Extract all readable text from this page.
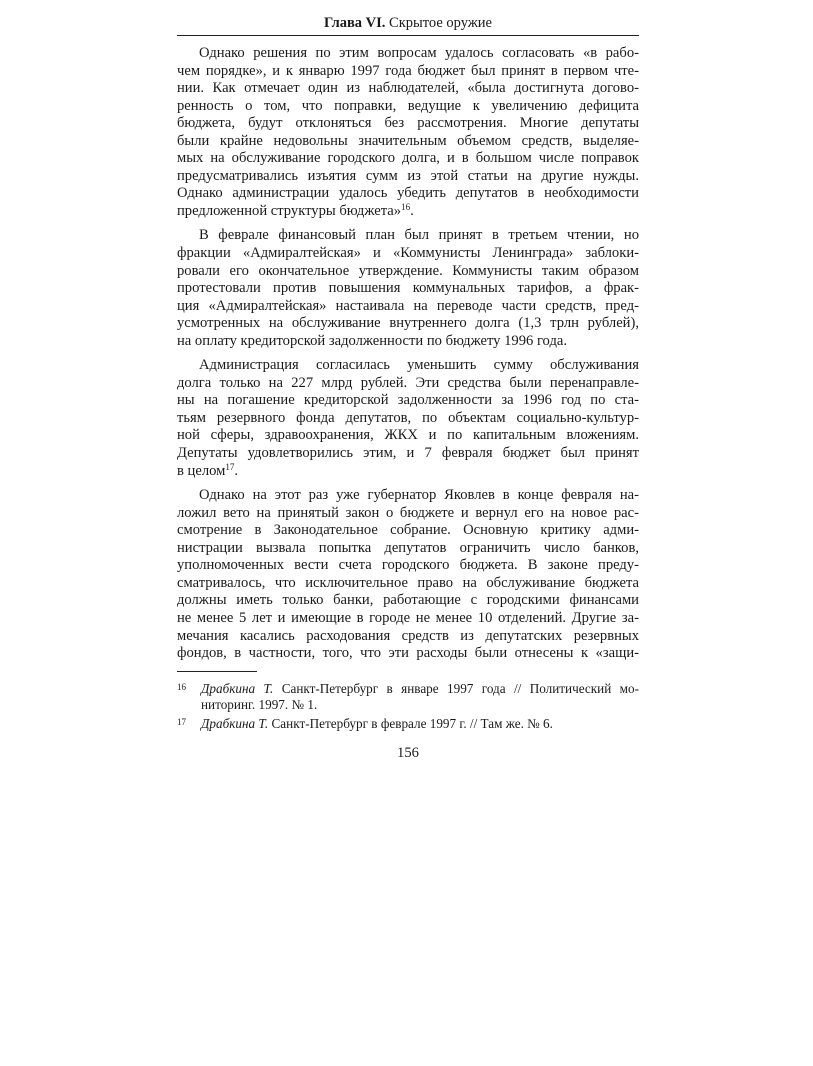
Глава VI. Скрытое оружие

Однако решения по этим вопросам удалось согласовать «в рабо-
чем порядке», и к январю 1997 года бюджет был принят в первом чте-
нии. Как отмечает один из наблюдателей, «была достигнута догово-
ренность о том, что поправки, ведущие к увеличению дефицита
бюджета, будут отклоняться без рассмотрения. Многие депутаты
были крайне недовольны значительным объемом средств, выделяе-
мых на обслуживание городского долга, и в большом числе поправок
предусматривались изъятия сумм из этой статьи на другие нужды.
Однако администрации удалось убедить депутатов в необходимости
предложенной структуры бюджета»$^{16}$.

В феврале финансовый план был принят в третьем чтении, но
фракции «Адмиралтейская» и «Коммунисты Ленинграда» заблоки-
ровали его окончательное утверждение. Коммунисты таким образом
протестовали против повышения коммунальных тарифов, а фрак-
ция «Адмиралтейская» настаивала на переводе части средств, пред-
усмотренных на обслуживание внутреннего долга (1,3 трлн рублей),
на оплату кредиторской задолженности по бюджету 1996 года.

Администрация согласилась уменьшить сумму обслуживания
долга только на 227 млрд рублей. Эти средства были перенаправле-
ны на погашение кредиторской задолженности за 1996 год по ста-
тьям резервного фонда депутатов, по объектам социально-культур-
ной сферы, здравоохранения, ЖКХ и по капитальным вложениям.
Депутаты удовлетворились этим, и 7 февраля бюджет был принят
в целом$^{17}$.

Однако на этот раз уже губернатор Яковлев в конце февраля на-
ложил вето на принятый закон о бюджете и вернул его на новое рас-
смотрение в Законодательное собрание. Основную критику адми-
нистрации вызвала попытка депутатов ограничить число банков,
уполномоченных вести счета городского бюджета. В законе преду-
сматривалось, что исключительное право на обслуживание бюджета
должны иметь только банки, работающие с городскими финансами
не менее 5 лет и имеющие в городе не менее 10 отделений. Другие за-
мечания касались расходования средств из депутатских резервных
фондов, в частности, того, что эти расходы были отнесены к «защи-

16 Драбкина Т. Санкт-Петербург в январе 1997 года // Политический мо-
ниторинг. 1997. № 1.

17 Драбкина Т. Санкт-Петербург в феврале 1997 г. // Там же. № 6.

156
